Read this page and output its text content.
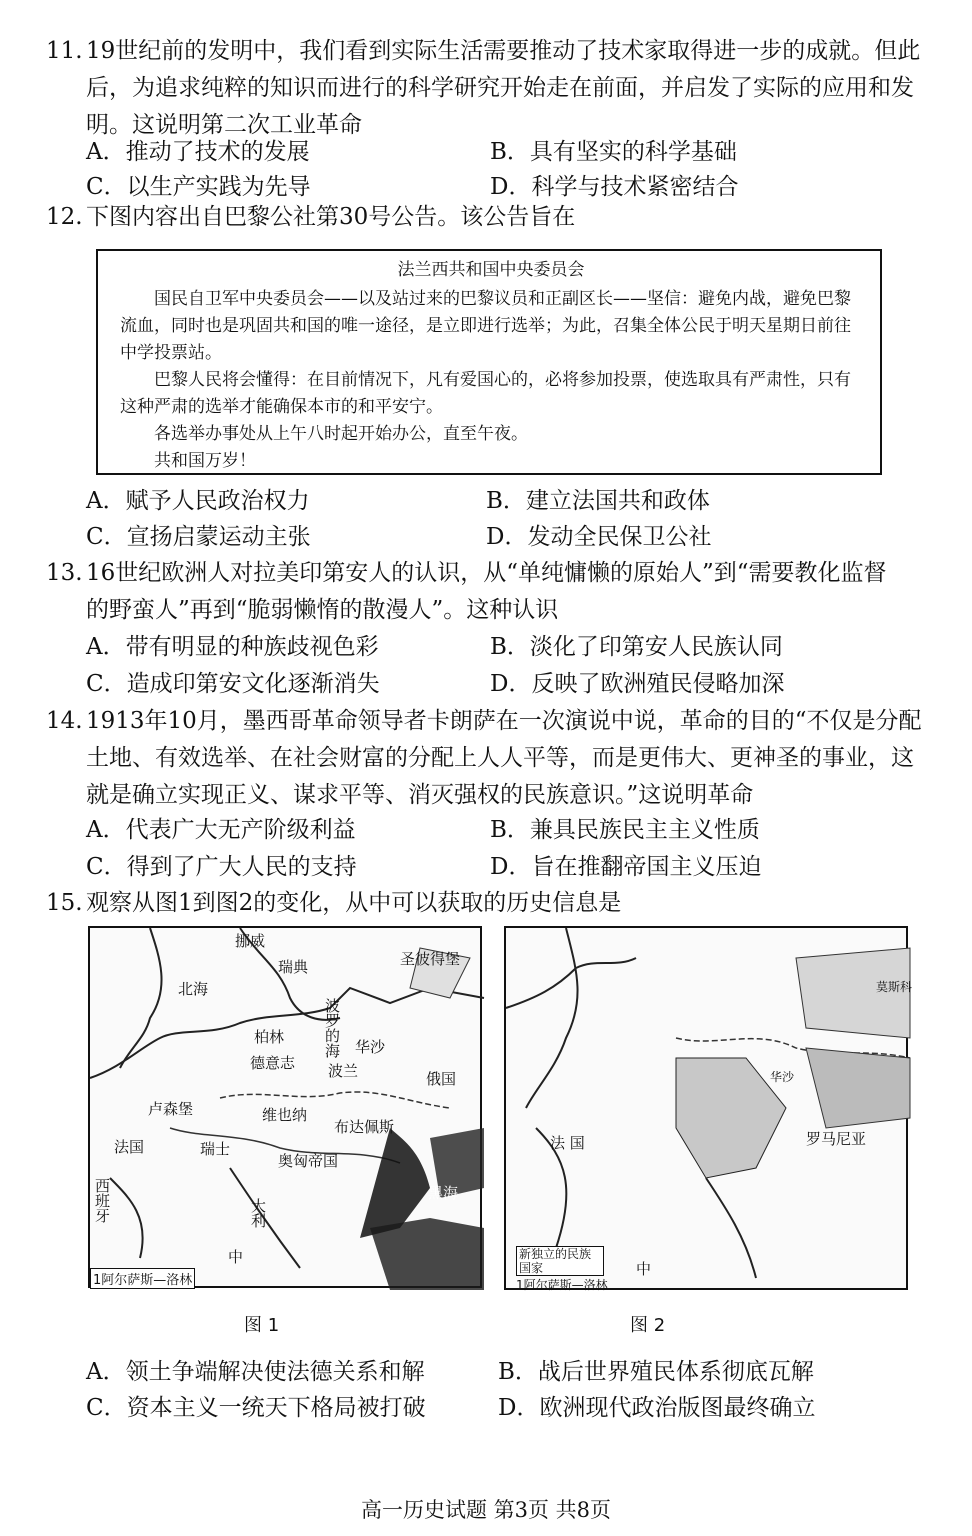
11. 19世纪前的发明中，我们看到实际生活需要推动了技术家取得进一步的成就。但此
后，为追求纯粹的知识而进行的科学研究开始走在前面，并启发了实际的应用和发
明。这说明第二次工业革命
A．推动了技术的发展	B．具有坚实的科学基础
C．以生产实践为先导	D．科学与技术紧密结合
12. 下图内容出自巴黎公社第30号公告。该公告旨在
法兰西共和国中央委员会

国民自卫军中央委员会——以及站过来的巴黎议员和正副区长——坚信：避免内战，避免巴黎流血，同时也是巩固共和国的唯一途径，是立即进行选举；为此，召集全体公民于明天星期日前往中学投票站。

巴黎人民将会懂得：在目前情况下，凡有爱国心的，必将参加投票，使选取具有严肃性，只有这种严肃的选举才能确保本市的和平安宁。

各选举办事处从上午八时起开始办公，直至午夜。

共和国万岁！

A．赋予人民政治权力	B．建立法国共和政体
C．宣扬启蒙运动主张	D．发动全民保卫公社
13. 16世纪欧洲人对拉美印第安人的认识，从“单纯慵懒的原始人”到“需要教化监督
的野蛮人”再到“脆弱懒惰的散漫人”。这种认识
A．带有明显的种族歧视色彩	B．淡化了印第安人民族认同
C．造成印第安文化逐渐消失	D．反映了欧洲殖民侵略加深
14. 1913年10月，墨西哥革命领导者卡朗萨在一次演说中说，革命的目的“不仅是分配
土地、有效选举、在社会财富的分配上人人平等，而是更伟大、更神圣的事业，这
就是确立实现正义、谋求平等、消灭强权的民族意识。”这说明革命
A．代表广大无产阶级利益	B．兼具民族民主主义性质
C．得到了广大人民的支持	D．旨在推翻帝国主义压迫
15. 观察从图1到图2的变化，从中可以获取的历史信息是
挪威
瑞典	圣彼得堡
北海
波罗的海
柏林
德意志
华沙
波兰	俄国
卢森堡	维也纳
布达佩斯
法国	瑞士
奥匈帝国
黑海
西班牙	大利
中
1阿尔萨斯—洛林
法 国	罗马尼亚
莫斯科
华沙
新独立的民族国家
1阿尔萨斯—洛林
中
图 1	图 2
A．领土争端解决使法德关系和解	B．战后世界殖民体系彻底瓦解
C．资本主义一统天下格局被打破	D．欧洲现代政治版图最终确立
高一历史试题 第3页 共8页
